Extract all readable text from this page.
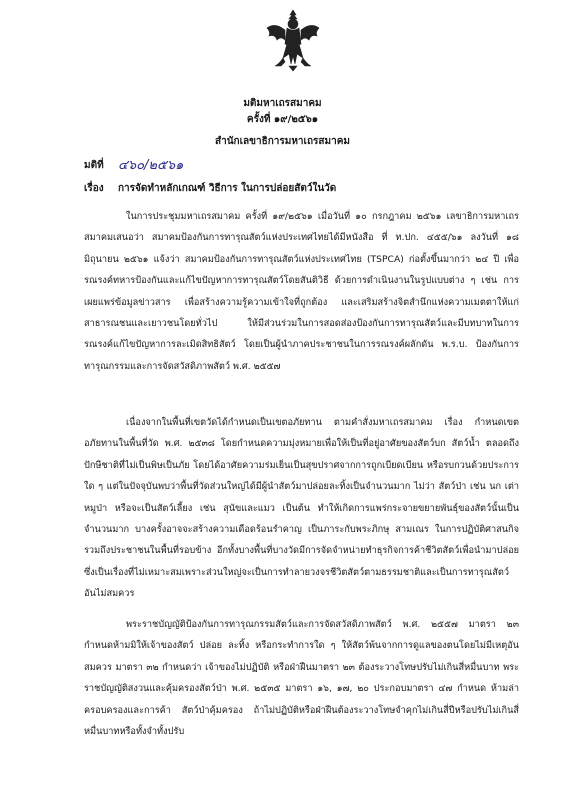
มติมหาเถรสมาคม
ครั้งที่ ๑๙/๒๕๖๑
สำนักเลขาธิการมหาเถรสมาคม
มติที่ ๔๖๐/๒๕๖๑
เรื่อง การจัดทำหลักเกณฑ์ วิธีการ ในการปล่อยสัตว์ในวัด

ในการประชุมมหาเถรสมาคม ครั้งที่ ๑๙/๒๕๖๑ เมื่อวันที่ ๑๐ กรกฎาคม ๒๕๖๑ เลขาธิการมหาเถรสมาคมเสนอว่า สมาคมป้องกันการทารุณสัตว์แห่งประเทศไทยได้มีหนังสือ ที่ ท.ปก. ๔๕๕/๖๑ ลงวันที่ ๑๘ มิถุนายน ๒๕๖๑ แจ้งว่า สมาคมป้องกันการทารุณสัตว์แห่งประเทศไทย (TSPCA) ก่อตั้งขึ้นมากว่า ๒๔ ปี เพื่อรณรงค์ทหารป้องกันและแก้ไขปัญหาการทารุณสัตว์โดยสันติวิธี ด้วยการดำเนินงานในรูปแบบต่าง ๆ เช่น การเผยแพร่ข้อมูลข่าวสาร เพื่อสร้างความรู้ความเข้าใจที่ถูกต้อง และเสริมสร้างจิตสำนึกแห่งความเมตตาให้แก่สาธารณชนและเยาวชนโดยทั่วไป ให้มีส่วนร่วมในการสอดส่องป้องกันการทารุณสัตว์และมีบทบาทในการรณรงค์แก้ไขปัญหาการละเมิดสิทธิสัตว์ โดยเป็นผู้นำภาคประชาชนในการรณรงค์ผลักดัน พ.ร.บ. ป้องกันการทารุณกรรมและการจัดสวัสดิภาพสัตว์ พ.ศ. ๒๕๕๗

เนื่องจากในพื้นที่เขตวัดได้กำหนดเป็นเขตอภัยทาน ตามคำสั่งมหาเถรสมาคม เรื่อง กำหนดเขตอภัยทานในพื้นที่วัด พ.ศ. ๒๕๓๘ โดยกำหนดความมุ่งหมายเพื่อให้เป็นที่อยู่อาศัยของสัตว์บก สัตว์น้ำ ตลอดถึงปักษีชาติที่ไม่เป็นพิษเป็นภัย โดยได้อาศัยความร่มเย็นเป็นสุขปราศจากการถูกเบียดเบียน หรือรบกวนด้วยประการใด ๆ แต่ในปัจจุบันพบว่าพื้นที่วัดส่วนใหญ่ได้มีผู้นำสัตว์มาปล่อยละทิ้งเป็นจำนวนมาก ไม่ว่า สัตว์ป่า เช่น นก เต่า หมูป่า หรือจะเป็นสัตว์เลี้ยง เช่น สุนัขและแมว เป็นต้น ทำให้เกิดการแพร่กระจายขยายพันธุ์ของสัตว์นั้นเป็นจำนวนมาก บางครั้งอาจจะสร้างความเดือดร้อนรำคาญ เป็นภาระกับพระภิกษุ สามเณร ในการปฏิบัติศาสนกิจรวมถึงประชาชนในพื้นที่รอบข้าง อีกทั้งบางพื้นที่บางวัดมีการจัดจำหน่ายทำธุรกิจการค้าชีวิตสัตว์เพื่อนำมาปล่อย ซึ่งเป็นเรื่องที่ไม่เหมาะสมเพราะส่วนใหญ่จะเป็นการทำลายวงจรชีวิตสัตว์ตามธรรมชาติและเป็นการทารุณสัตว์อันไม่สมควร

พระราชบัญญัติป้องกันการทารุณกรรมสัตว์และการจัดสวัสดิภาพสัตว์ พ.ศ. ๒๕๕๗ มาตรา ๒๓ กำหนดห้ามมิให้เจ้าของสัตว์ ปล่อย ละทิ้ง หรือกระทำการใด ๆ ให้สัตว์พ้นจากการดูแลของตนโดยไม่มีเหตุอันสมควร มาตรา ๓๒ กำหนดว่า เจ้าของไม่ปฏิบัติ หรือฝ่าฝืนมาตรา ๒๓ ต้องระวางโทษปรับไม่เกินสี่หมื่นบาท พระราชบัญญัติสงวนและคุ้มครองสัตว์ป่า พ.ศ. ๒๕๓๕ มาตรา ๑๖, ๑๗, ๒๐ ประกอบมาตรา ๔๗ กำหนด ห้ามล่า ครอบครองและการค้า สัตว์ป่าคุ้มครอง ถ้าไม่ปฏิบัติหรือฝ่าฝืนต้องระวางโทษจำคุกไม่เกินสี่ปีหรือปรับไม่เกินสี่หมื่นบาทหรือทั้งจำทั้งปรับ
